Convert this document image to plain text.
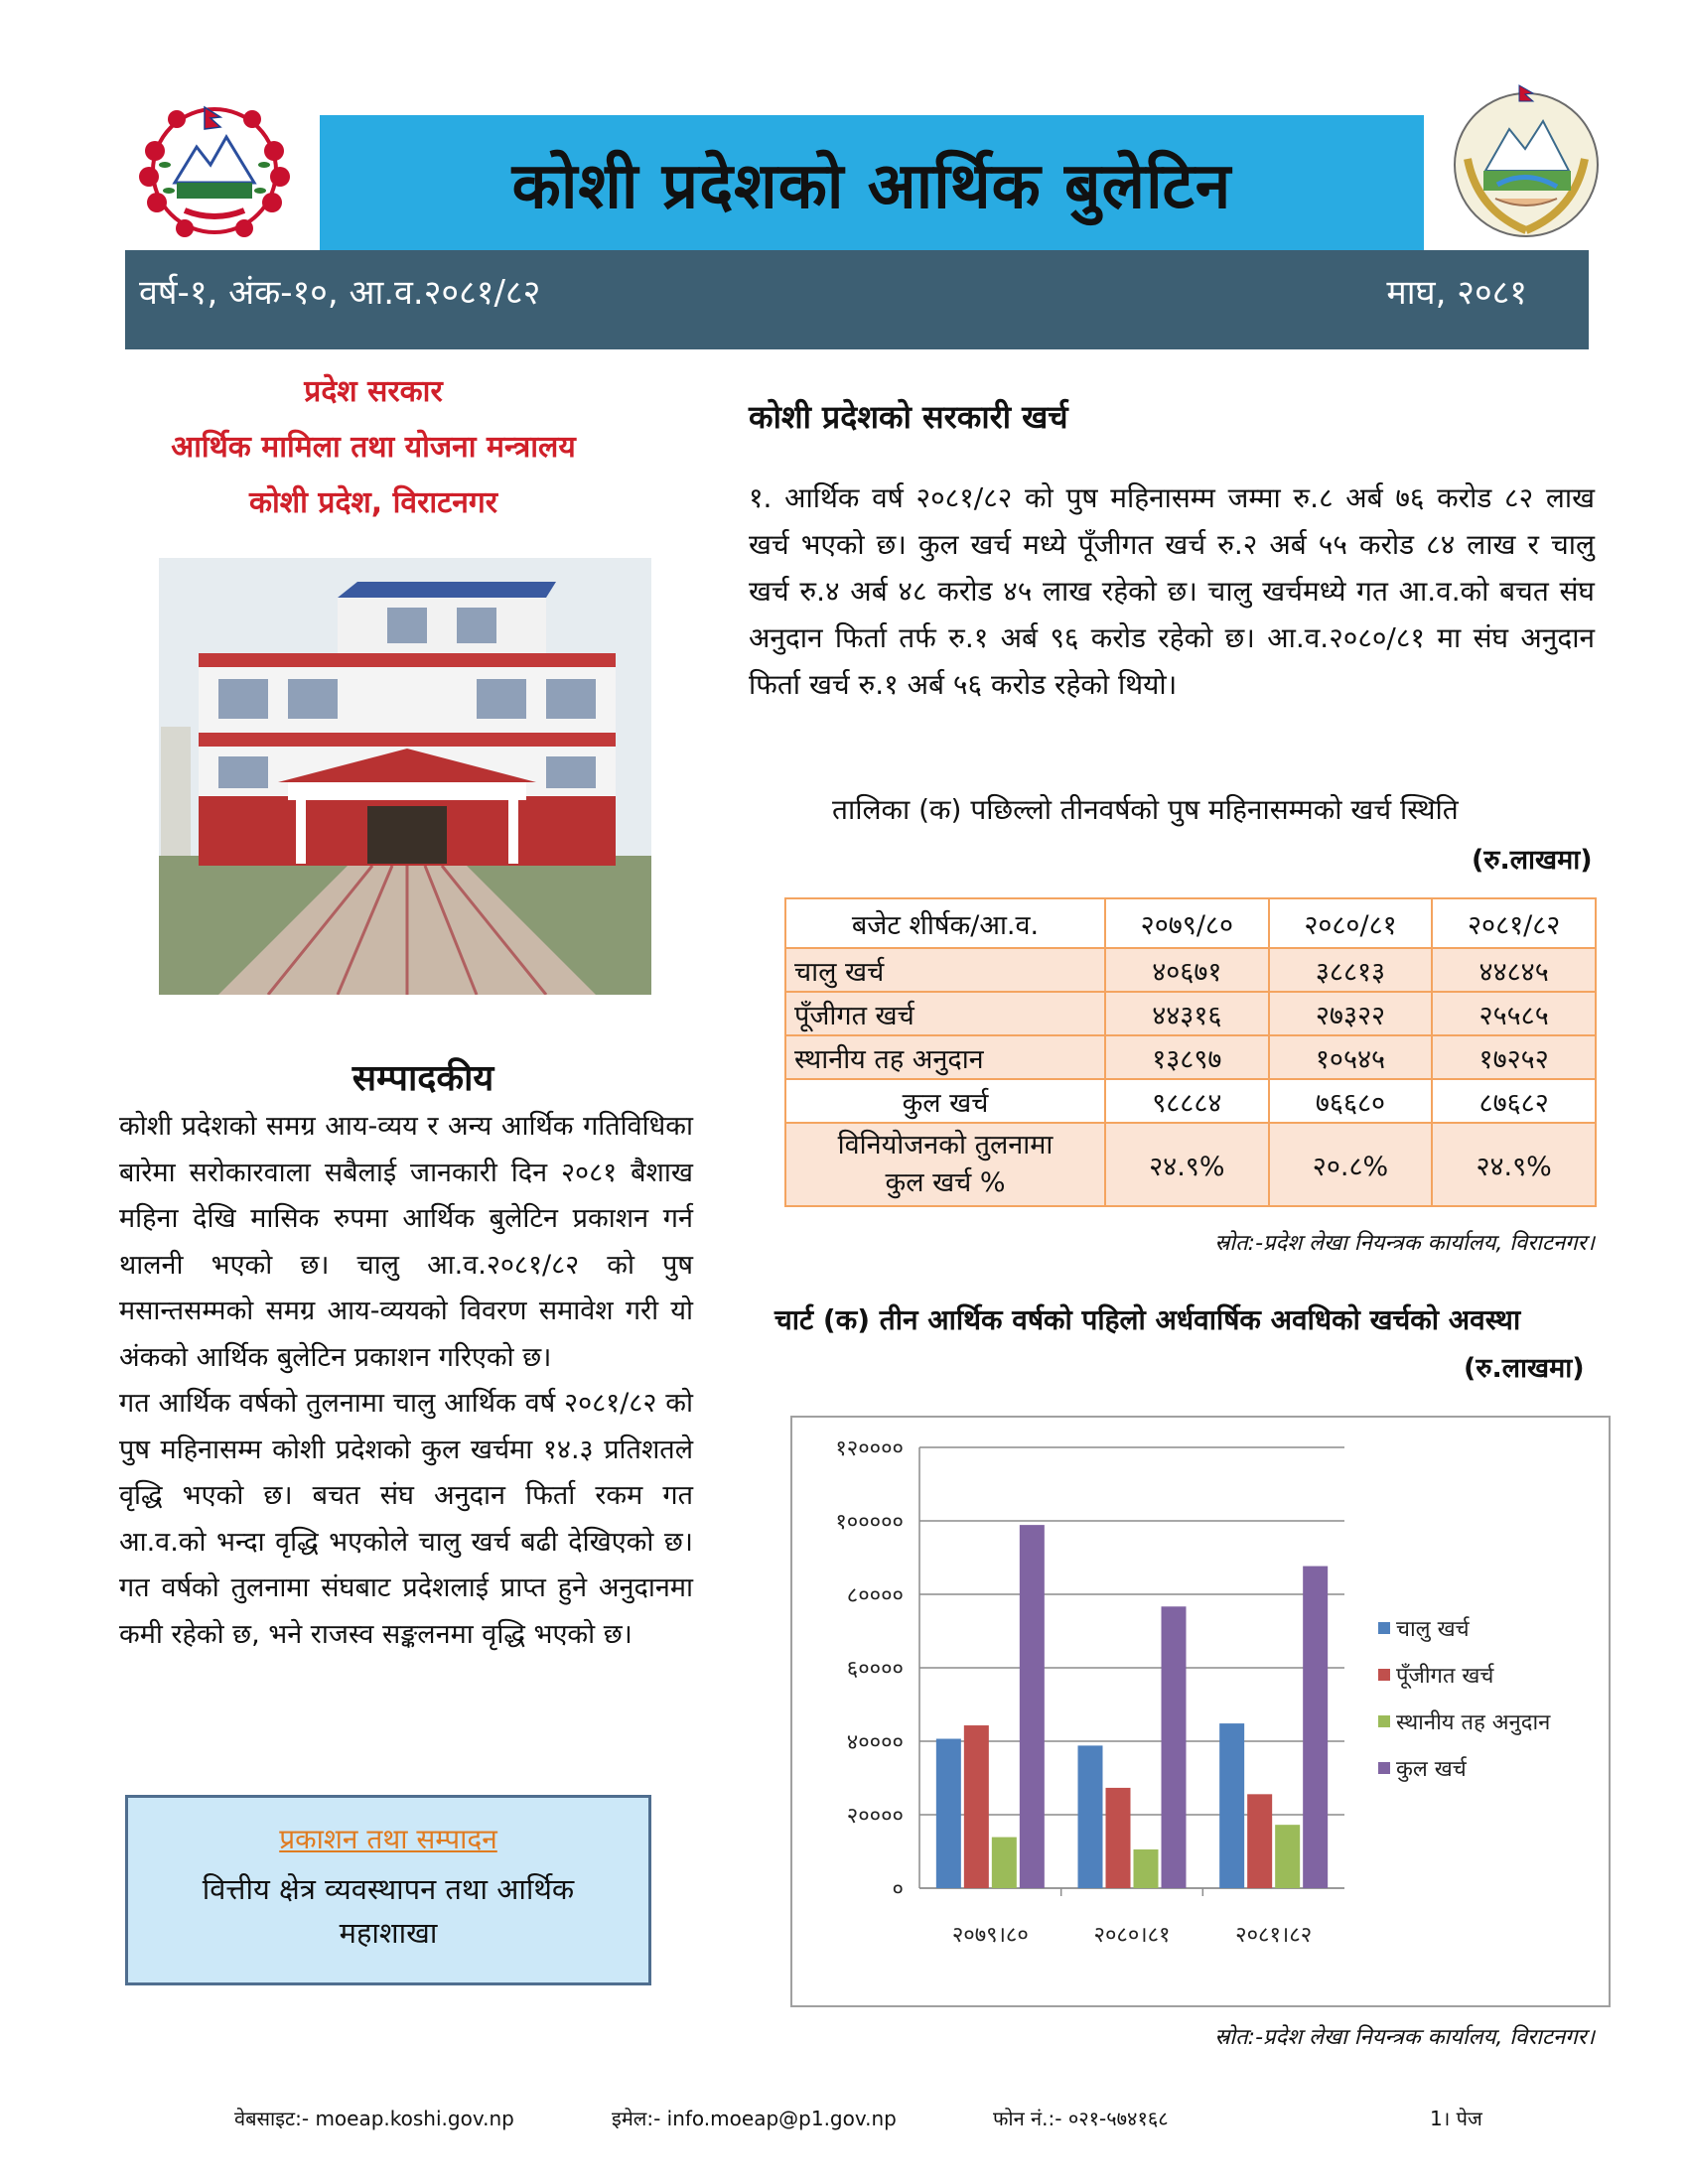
कोशी प्रदेशको आर्थिक बुलेटिन
वर्ष-१, अंक-१०, आ.व.२०८१/८२	माघ, २०८१
प्रदेश सरकार
आर्थिक मामिला तथा योजना मन्त्रालय
कोशी प्रदेश, विराटनगर
सम्पादकीय

कोशी प्रदेशको समग्र आय-व्यय र अन्य आर्थिक गतिविधिका बारेमा सरोकारवाला सबैलाई जानकारी दिन २०८१ बैशाख महिना देखि मासिक रुपमा आर्थिक बुलेटिन प्रकाशन गर्न थालनी भएको छ। चालु आ.व.२०८१/८२ को पुष मसान्तसम्मको समग्र आय-व्ययको विवरण समावेश गरी यो अंकको आर्थिक बुलेटिन प्रकाशन गरिएको छ।

गत आर्थिक वर्षको तुलनामा चालु आर्थिक वर्ष २०८१/८२ को पुष महिनासम्म कोशी प्रदेशको कुल खर्चमा १४.३ प्रतिशतले वृद्धि भएको छ। बचत संघ अनुदान फिर्ता रकम गत आ.व.को भन्दा वृद्धि भएकोले चालु खर्च बढी देखिएको छ। गत वर्षको तुलनामा संघबाट प्रदेशलाई प्राप्त हुने अनुदानमा कमी रहेको छ, भने राजस्व सङ्कलनमा वृद्धि भएको छ।

प्रकाशन तथा सम्पादन
वित्तीय क्षेत्र व्यवस्थापन तथा आर्थिक
महाशाखा
कोशी प्रदेशको सरकारी खर्च
१. आर्थिक वर्ष २०८१/८२ को पुष महिनासम्म जम्मा रु.८ अर्ब ७६ करोड ८२ लाख खर्च भएको छ। कुल खर्च मध्ये पूँजीगत खर्च रु.२ अर्ब ५५ करोड ८४ लाख र चालु खर्च रु.४ अर्ब ४८ करोड ४५ लाख रहेको छ। चालु खर्चमध्ये गत आ.व.को बचत संघ अनुदान फिर्ता तर्फ रु.१ अर्ब ९६ करोड रहेको छ। आ.व.२०८०/८१ मा संघ अनुदान फिर्ता खर्च रु.१ अर्ब ५६ करोड रहेको थियो।
तालिका (क) पछिल्लो तीनवर्षको पुष महिनासम्मको खर्च स्थिति
(रु.लाखमा)
बजेट शीर्षक/आ.व.	२०७९/८०	२०८०/८१	२०८१/८२
चालु खर्च	४०६७१	३८८१३	४४८४५
पूँजीगत खर्च	४४३१६	२७३२२	२५५८५
स्थानीय तह अनुदान	१३८९७	१०५४५	१७२५२
कुल खर्च	९८८८४	७६६८०	८७६८२

विनियोजनको तुलनामा
कुल खर्च %	२४.९%	२०.८%	२४.९%
स्रोत:-प्रदेश लेखा नियन्त्रक कार्यालय, विराटनगर।
चार्ट (क) तीन आर्थिक वर्षको पहिलो अर्धवार्षिक अवधिको खर्चको अवस्था
(रु.लाखमा)
०
२००००
४००००
६००००
८००००
१०००००
१२००००
२०७९।८०	२०८०।८१	२०८१।८२
चालु खर्च
पूँजीगत खर्च
स्थानीय तह अनुदान
कुल खर्च
स्रोत:-प्रदेश लेखा नियन्त्रक कार्यालय, विराटनगर।
वेबसाइट:- moeap.koshi.gov.np	इमेल:- info.moeap@p1.gov.np	फोन नं.:- ०२१-५७४१६८	1। पेज
